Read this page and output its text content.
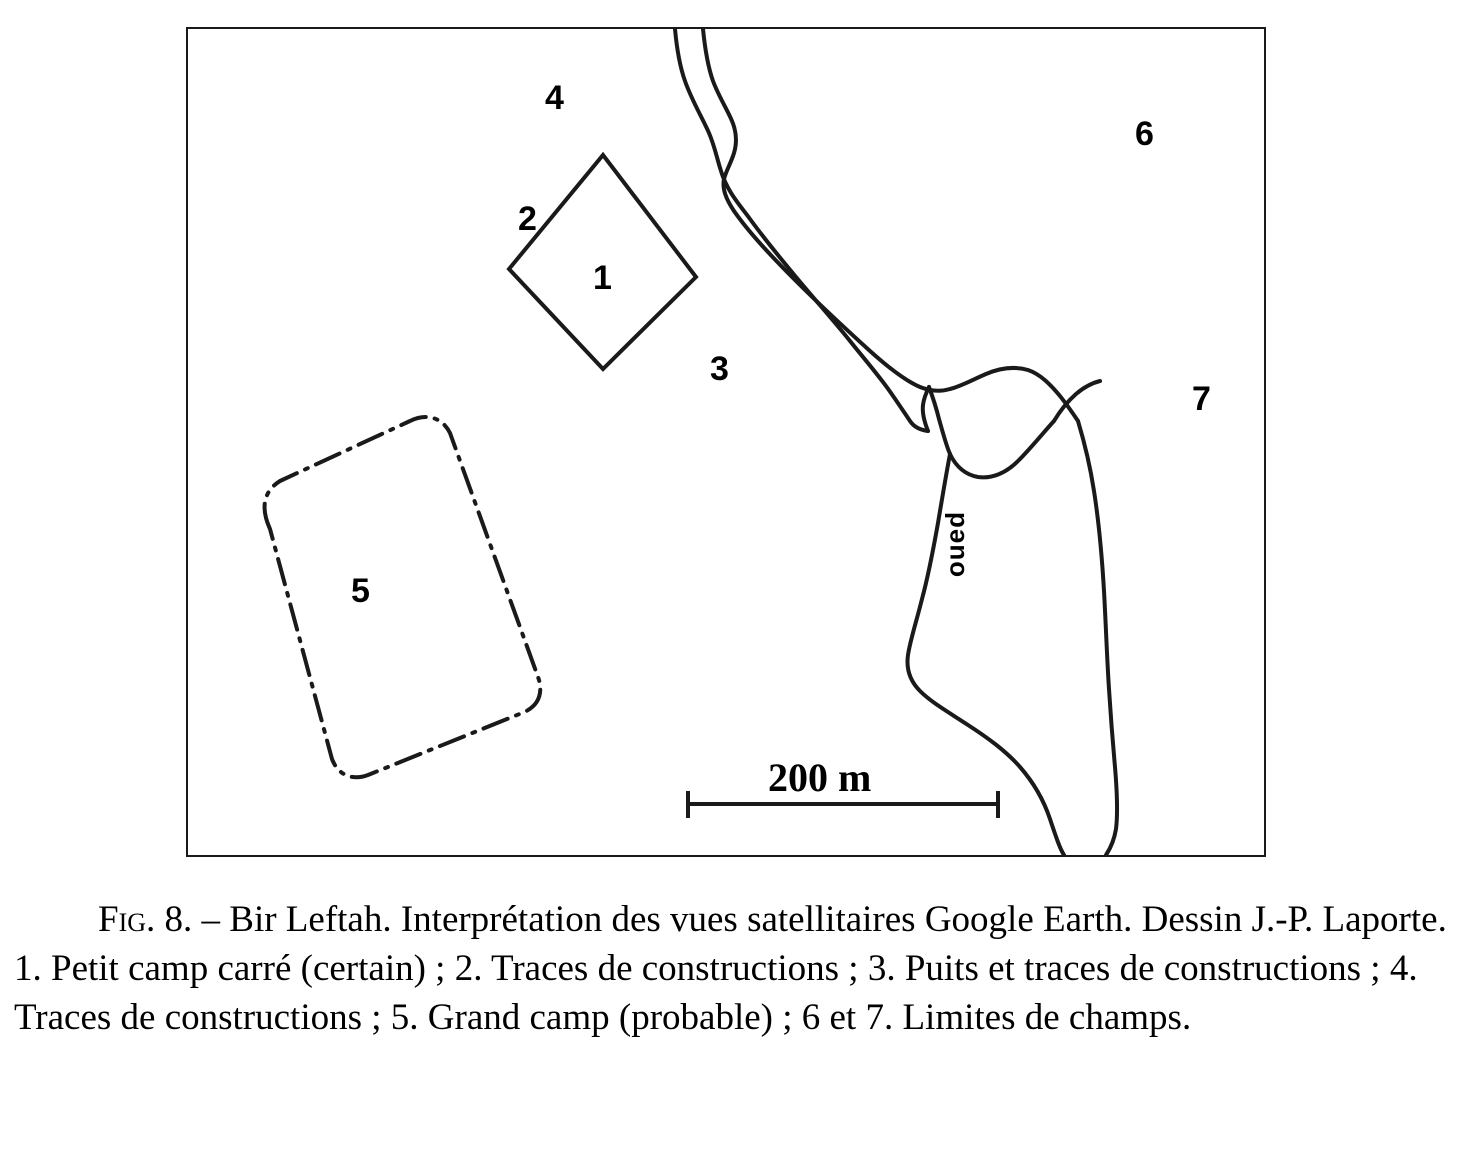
1
2
3
4
5
6
7
oued
200 m
Fig. 8. – Bir Leftah. Interprétation des vues satellitaires Google Earth. Dessin J.-P. Laporte. 1. Petit camp carré (certain) ; 2. Traces de constructions ; 3. Puits et traces de constructions ; 4. Traces de constructions ; 5. Grand camp (probable) ; 6 et 7. Limites de champs.
